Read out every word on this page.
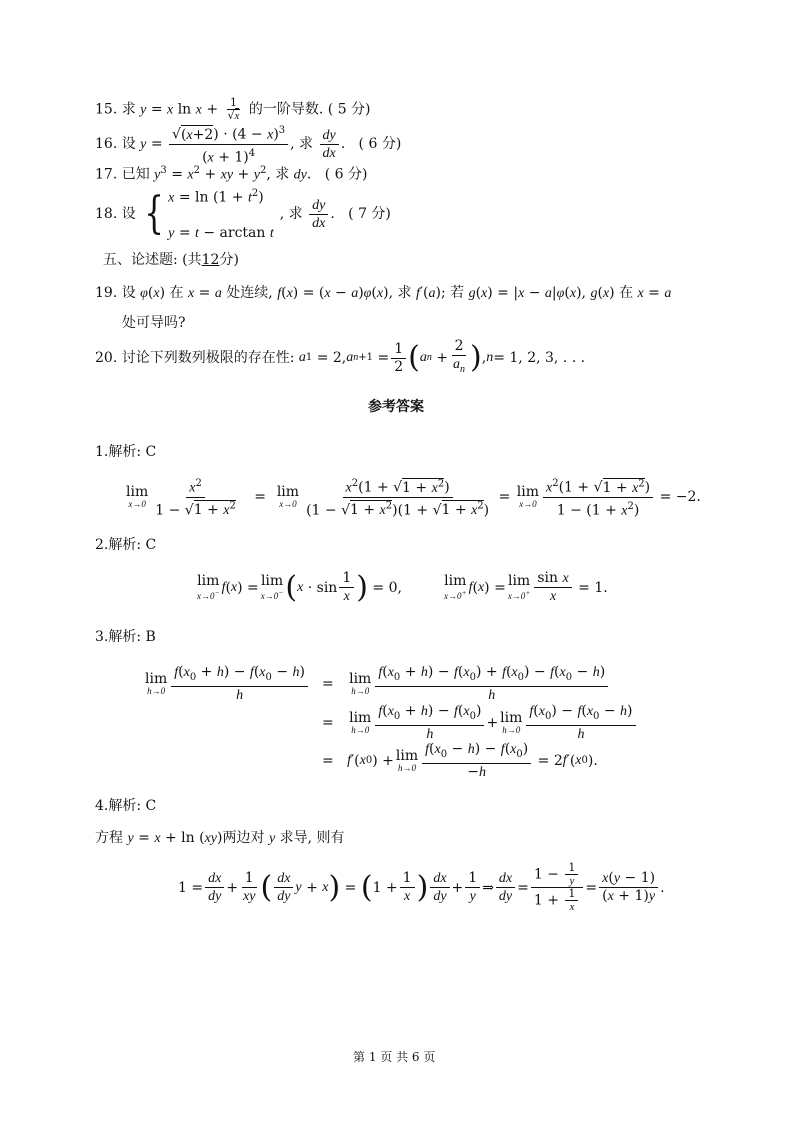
15. 求 y = x $\ln x + \frac{1}{√x}$ 的一阶导数. ( 5 分)
16. 设 $y = \frac{√(x+2) \cdot (4 - x)^3}{(x + 1)^4}$ , 求 $\frac{dy}{dx}$ .   ( 6 分)
17. 已知 $y^3 = x^2$ + xy + $y^2$, 求 dy.   ( 6 分)
18.
设
{ $x = \ln (1 + t^2)$
y = t − arctan t
, 求
$\frac{dy}{dx}$ . ( 7 分)
五、论述题: (共12分)
19. 设 φ(x) 在 x = a 处连续, f(x) = (x − a)φ(x), 求 f′(a); 若 g(x) = |x − a|φ(x), g(x) 在 x = a
处可导吗?
20.
讨论下列数列极限的存在性:
a 1 = 2, a $n+1 = \frac{1}{2}$ ( a $n + \frac{2}{a_n}$ ) , n = 1, 2, 3, . . .
参考答案
1.解析: C
lim
$x\to 0 \frac{x^2}{1 - √1 + x^2} = \lim$
$x\to 0 \frac{x^2(1 + √1 + x^2)}{(1 - √1 + x^2)(1 + √1 + x^2)} = \lim$
$x\to 0 \frac{x^2(1 + √1 + x^2)}{1 - (1 + x^2)} = -2$.
2.解析: C
lim
x→0− f ( x ) = lim
x→0− ( $x \cdot \sin \frac{1}{x}$ ) = 0, lim
x→0+ f ( x ) = lim
$x\to 0^+ \frac{\text{sin x}}{x} = 1$.
3.解析: B
lim
$h\to 0 \frac{f(x_0 + h) - f(x_0 - h)}{h} = \lim$
$h\to 0 \frac{f(x_0 + h) - f(x_0) + f(x_0) - f(x_0 - h)}{h}$
= lim
$h\to 0 \frac{f(x_0 + h) - f(x_0)}{h} + \lim$
$h\to 0 \frac{f(x_0) - f(x_0 - h)}{h}$
= f ′( x 0 ) + lim
$h\to 0 \frac{f(x_0 - h) - f(x_0)}{-h} = 2$ f ′( x 0 ).
4.解析: C
方程 y = x + ln (xy)两边对 y 求导, 则有
$1 = \frac{dx}{dy} + \frac{1}{xy}$ ( $\frac{dx}{dy}$ y + x ) = ( $1 + \frac{1}{x}$ ) $\frac{dx}{dy} + \frac{1}{y}$ ⇒ $\frac{dx}{dy} = \frac{1 - \frac{1}{y}}{1 + \frac{1}{x}} = \frac{x(y - 1)}{(x + 1)y}$ .
第 1 页 共 6 页
